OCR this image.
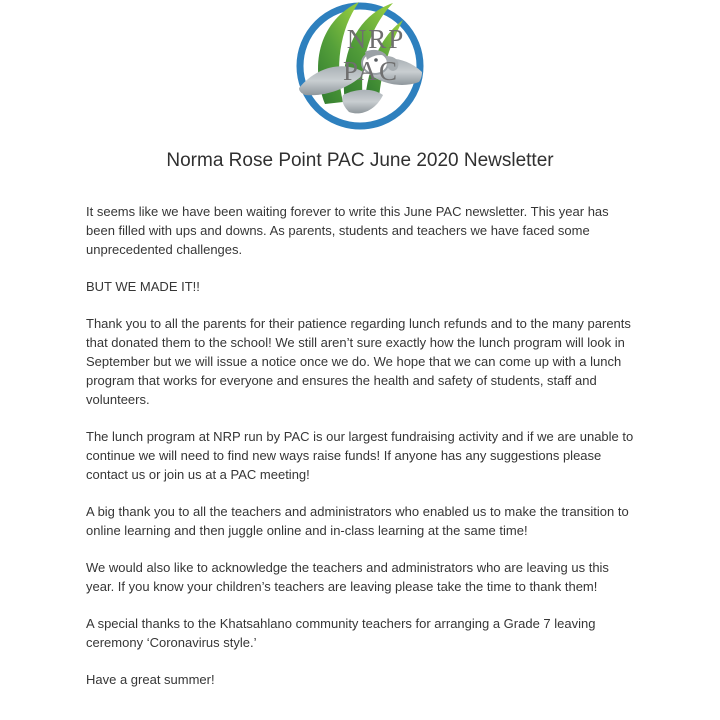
NRP
PAC
Norma Rose Point PAC June 2020 Newsletter

It seems like we have been waiting forever to write this June PAC newsletter. This year has been filled with ups and downs. As parents, students and teachers we have faced some unprecedented challenges.

BUT WE MADE IT!!

Thank you to all the parents for their patience regarding lunch refunds and to the many parents that donated them to the school! We still aren’t sure exactly how the lunch program will look in September but we will issue a notice once we do. We hope that we can come up with a lunch program that works for everyone and ensures the health and safety of students, staff and volunteers.

The lunch program at NRP run by PAC is our largest fundraising activity and if we are unable to continue we will need to find new ways raise funds! If anyone has any suggestions please contact us or join us at a PAC meeting!

A big thank you to all the teachers and administrators who enabled us to make the transition to online learning and then juggle online and in-class learning at the same time!

We would also like to acknowledge the teachers and administrators who are leaving us this year. If you know your children’s teachers are leaving please take the time to thank them!

A special thanks to the Khatsahlano community teachers for arranging a Grade 7 leaving ceremony ‘Coronavirus style.’

Have a great summer!
